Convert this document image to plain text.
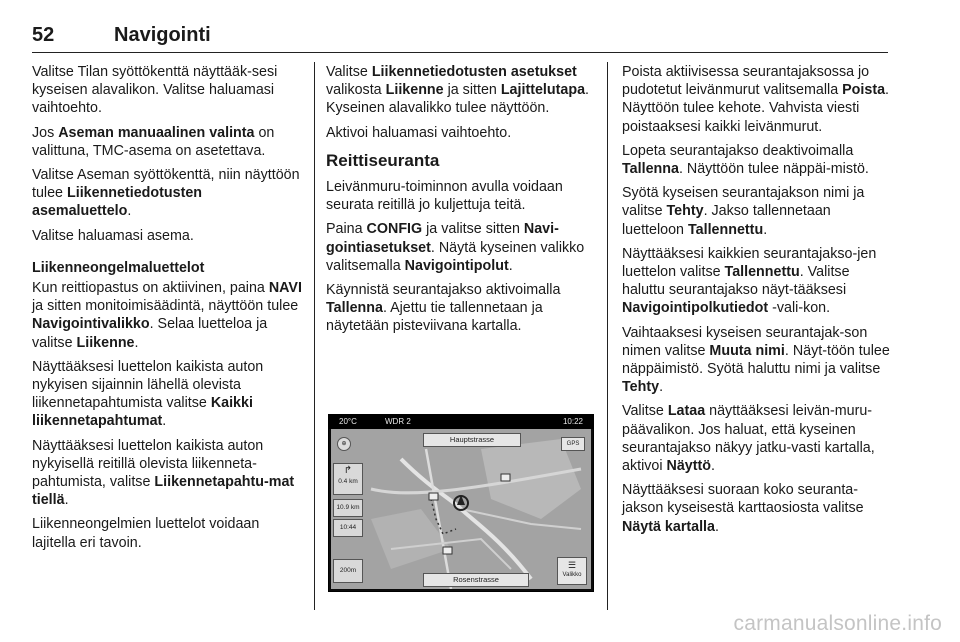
52	Navigointi

Valitse Tilan syöttökenttä näyttääk-sesi kyseisen alavalikon. Valitse haluamasi vaihtoehto.

Jos Aseman manuaalinen valinta on valittuna, TMC-asema on asetettava.

Valitse Aseman syöttökenttä, niin näyttöön tulee Liikennetiedotusten asemaluettelo.

Valitse haluamasi asema.

Liikenneongelmaluettelot

Kun reittiopastus on aktiivinen, paina NAVI ja sitten monitoimisäädintä, näyttöön tulee Navigointivalikko. Selaa luetteloa ja valitse Liikenne.

Näyttääksesi luettelon kaikista auton nykyisen sijainnin lähellä olevista liikennetapahtumista valitse Kaikki liikennetapahtumat.

Näyttääksesi luettelon kaikista auton nykyisellä reitillä olevista liikenneta-pahtumista, valitse Liikennetapahtu-mat tiellä.

Liikenneongelmien luettelot voidaan lajitella eri tavoin.

Valitse Liikennetiedotusten asetukset valikosta Liikenne ja sitten Lajittelutapa. Kyseinen alavalikko tulee näyttöön.

Aktivoi haluamasi vaihtoehto.

Reittiseuranta

Leivänmuru-toiminnon avulla voidaan seurata reitillä jo kuljettuja teitä.

Paina CONFIG ja valitse sitten Navi-gointiasetukset. Näytä kyseinen valikko valitsemalla Navigointipolut.

Käynnistä seurantajakso aktivoimalla Tallenna. Ajettu tie tallennetaan ja näytetään pisteviivana kartalla.

20°C	WDR 2	10:22
⊕	Hauptstrasse	GPS
↱
0.4 km
10.9 km
10:44
200m
Rosenstrasse
☰
Valikko

Poista aktiivisessa seurantajaksossa jo pudotetut leivänmurut valitsemalla Poista. Näyttöön tulee kehote. Vahvista viesti poistaaksesi kaikki leivänmurut.

Lopeta seurantajakso deaktivoimalla Tallenna. Näyttöön tulee näppäi-mistö.

Syötä kyseisen seurantajakson nimi ja valitse Tehty. Jakso tallennetaan luetteloon Tallennettu.

Näyttääksesi kaikkien seurantajakso-jen luettelon valitse Tallennettu. Valitse haluttu seurantajakso näyt-tääksesi Navigointipolkutiedot -vali-kon.

Vaihtaaksesi kyseisen seurantajak-son nimen valitse Muuta nimi. Näyt-töön tulee näppäimistö. Syötä haluttu nimi ja valitse Tehty.

Valitse Lataa näyttääksesi leivän-muru-päävalikon. Jos haluat, että kyseinen seurantajakso näkyy jatku-vasti kartalla, aktivoi Näyttö.

Näyttääksesi suoraan koko seuranta-jakson kyseisestä karttaosiosta valitse Näytä kartalla.

carmanualsonline.info
